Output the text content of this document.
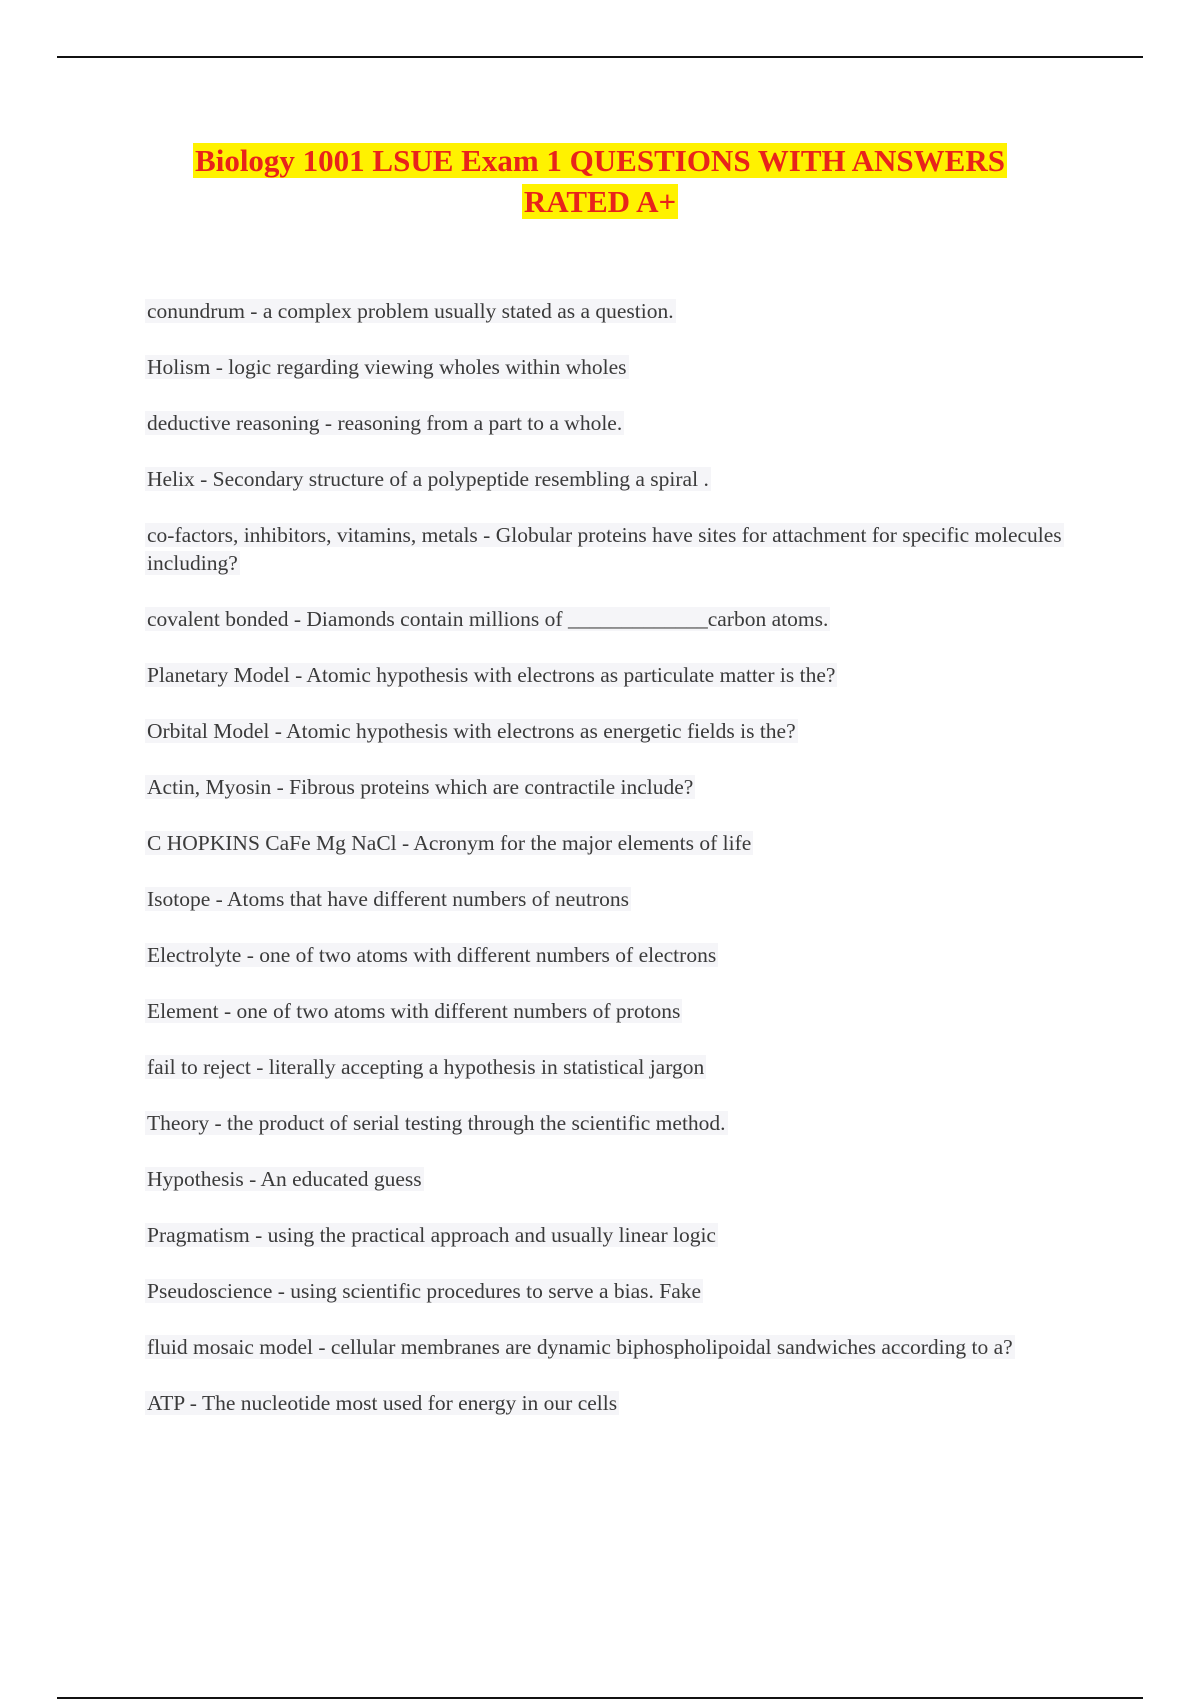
Biology 1001 LSUE Exam 1 QUESTIONS WITH ANSWERS
RATED A+
conundrum - a complex problem usually stated as a question.
Holism - logic regarding viewing wholes within wholes
deductive reasoning - reasoning from a part to a whole.
Helix - Secondary structure of a polypeptide resembling a spiral .
co-factors, inhibitors, vitamins, metals - Globular proteins have sites for attachment for specific molecules including?
covalent bonded - Diamonds contain millions of _____________carbon atoms.
Planetary Model - Atomic hypothesis with electrons as particulate matter is the?
Orbital Model - Atomic hypothesis with electrons as energetic fields is the?
Actin, Myosin - Fibrous proteins which are contractile include?
C HOPKINS CaFe Mg NaCl - Acronym for the major elements of life
Isotope - Atoms that have different numbers of neutrons
Electrolyte - one of two atoms with different numbers of electrons
Element - one of two atoms with different numbers of protons
fail to reject - literally accepting a hypothesis in statistical jargon
Theory - the product of serial testing through the scientific method.
Hypothesis - An educated guess
Pragmatism - using the practical approach and usually linear logic
Pseudoscience - using scientific procedures to serve a bias. Fake
fluid mosaic model - cellular membranes are dynamic biphospholipoidal sandwiches according to a?
ATP - The nucleotide most used for energy in our cells
